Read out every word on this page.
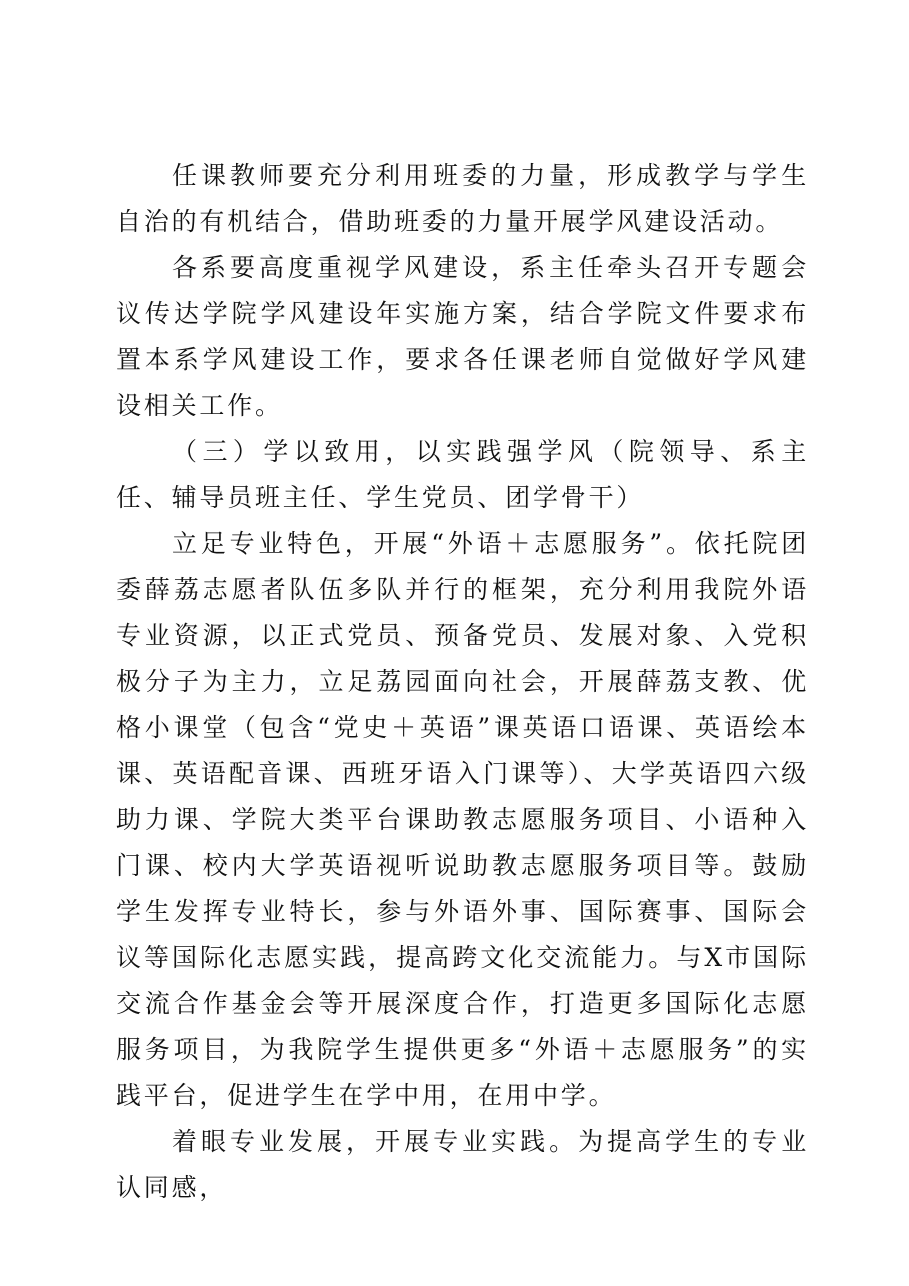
任课教师要充分利用班委的力量，形成教学与学生自治的有机结合，借助班委的力量开展学风建设活动。

各系要高度重视学风建设，系主任牵头召开专题会议传达学院学风建设年实施方案，结合学院文件要求布置本系学风建设工作，要求各任课老师自觉做好学风建设相关工作。

（三）学以致用，以实践强学风（院领导、系主任、辅导员班主任、学生党员、团学骨干）

立足专业特色，开展“外语＋志愿服务”。依托院团委薛荔志愿者队伍多队并行的框架，充分利用我院外语专业资源，以正式党员、预备党员、发展对象、入党积极分子为主力，立足荔园面向社会，开展薛荔支教、优格小课堂（包含“党史＋英语”课英语口语课、英语绘本课、英语配音课、西班牙语入门课等）、大学英语四六级助力课、学院大类平台课助教志愿服务项目、小语种入门课、校内大学英语视听说助教志愿服务项目等。鼓励学生发挥专业特长，参与外语外事、国际赛事、国际会议等国际化志愿实践，提高跨文化交流能力。与X市国际交流合作基金会等开展深度合作，打造更多国际化志愿服务项目，为我院学生提供更多“外语＋志愿服务”的实践平台，促进学生在学中用，在用中学。

着眼专业发展，开展专业实践。为提高学生的专业认同感，
